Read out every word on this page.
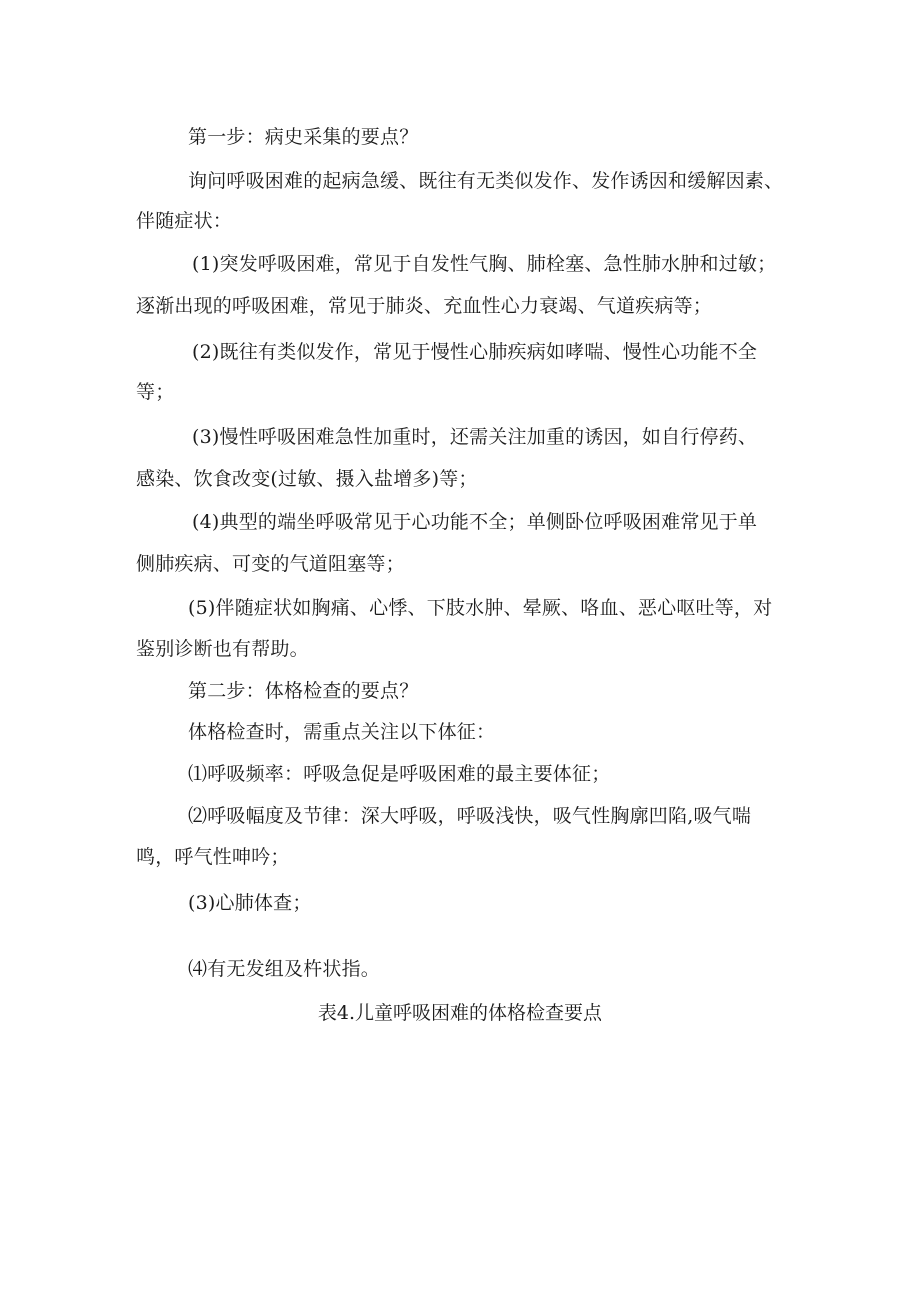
第一步：病史采集的要点？
询问呼吸困难的起病急缓、既往有无类似发作、发作诱因和缓解因素、
伴随症状：
(1)突发呼吸困难，常见于自发性气胸、肺栓塞、急性肺水肿和过敏；
逐渐出现的呼吸困难，常见于肺炎、充血性心力衰竭、气道疾病等；
(2)既往有类似发作，常见于慢性心肺疾病如哮喘、慢性心功能不全
等；
(3)慢性呼吸困难急性加重时，还需关注加重的诱因，如自行停药、
感染、饮食改变(过敏、摄入盐增多)等；
(4)典型的端坐呼吸常见于心功能不全；单侧卧位呼吸困难常见于单
侧肺疾病、可变的气道阻塞等；
(5)伴随症状如胸痛、心悸、下肢水肿、晕厥、咯血、恶心呕吐等，对
鉴别诊断也有帮助。
第二步：体格检查的要点？
体格检查时，需重点关注以下体征：
⑴呼吸频率：呼吸急促是呼吸困难的最主要体征；
⑵呼吸幅度及节律：深大呼吸，呼吸浅快，吸气性胸廓凹陷,吸气喘
鸣，呼气性呻吟；
(3)心肺体查；
⑷有无发组及杵状指。
表4.儿童呼吸困难的体格检查要点
